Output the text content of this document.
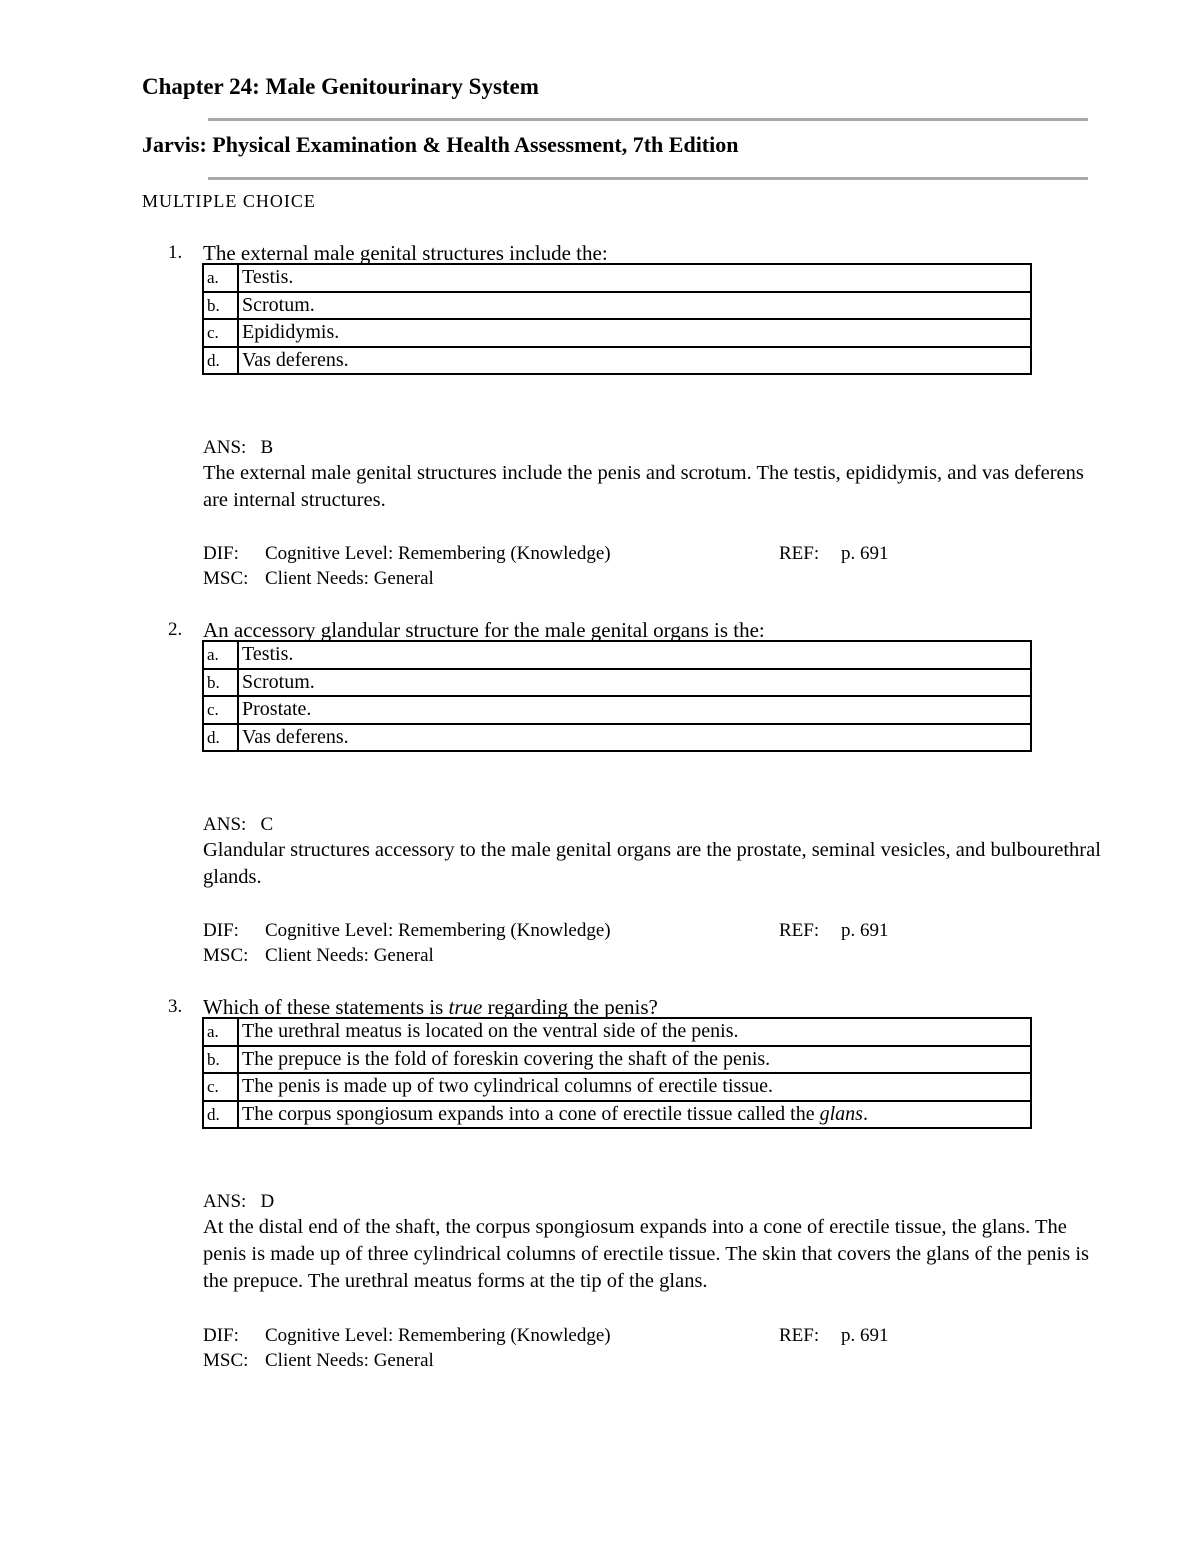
Chapter 24: Male Genitourinary System
Jarvis: Physical Examination & Health Assessment, 7th Edition
MULTIPLE CHOICE
1. The external male genital structures include the:
a.	Testis.
b.	Scrotum.
c.	Epididymis.
d.	Vas deferens.
ANS: B
The external male genital structures include the penis and scrotum. The testis, epididymis, and vas deferens are internal structures.
DIF: Cognitive Level: Remembering (Knowledge)	REF: p. 691
MSC: Client Needs: General
2. An accessory glandular structure for the male genital organs is the:
a.	Testis.
b.	Scrotum.
c.	Prostate.
d.	Vas deferens.
ANS: C
Glandular structures accessory to the male genital organs are the prostate, seminal vesicles, and bulbourethral glands.
DIF: Cognitive Level: Remembering (Knowledge)	REF: p. 691
MSC: Client Needs: General
3. Which of these statements is true regarding the penis?
a.	The urethral meatus is located on the ventral side of the penis.
b.	The prepuce is the fold of foreskin covering the shaft of the penis.
c.	The penis is made up of two cylindrical columns of erectile tissue.
d.	The corpus spongiosum expands into a cone of erectile tissue called the glans.
ANS: D
At the distal end of the shaft, the corpus spongiosum expands into a cone of erectile tissue, the glans. The penis is made up of three cylindrical columns of erectile tissue. The skin that covers the glans of the penis is the prepuce. The urethral meatus forms at the tip of the glans.
DIF: Cognitive Level: Remembering (Knowledge)	REF: p. 691
MSC: Client Needs: General
